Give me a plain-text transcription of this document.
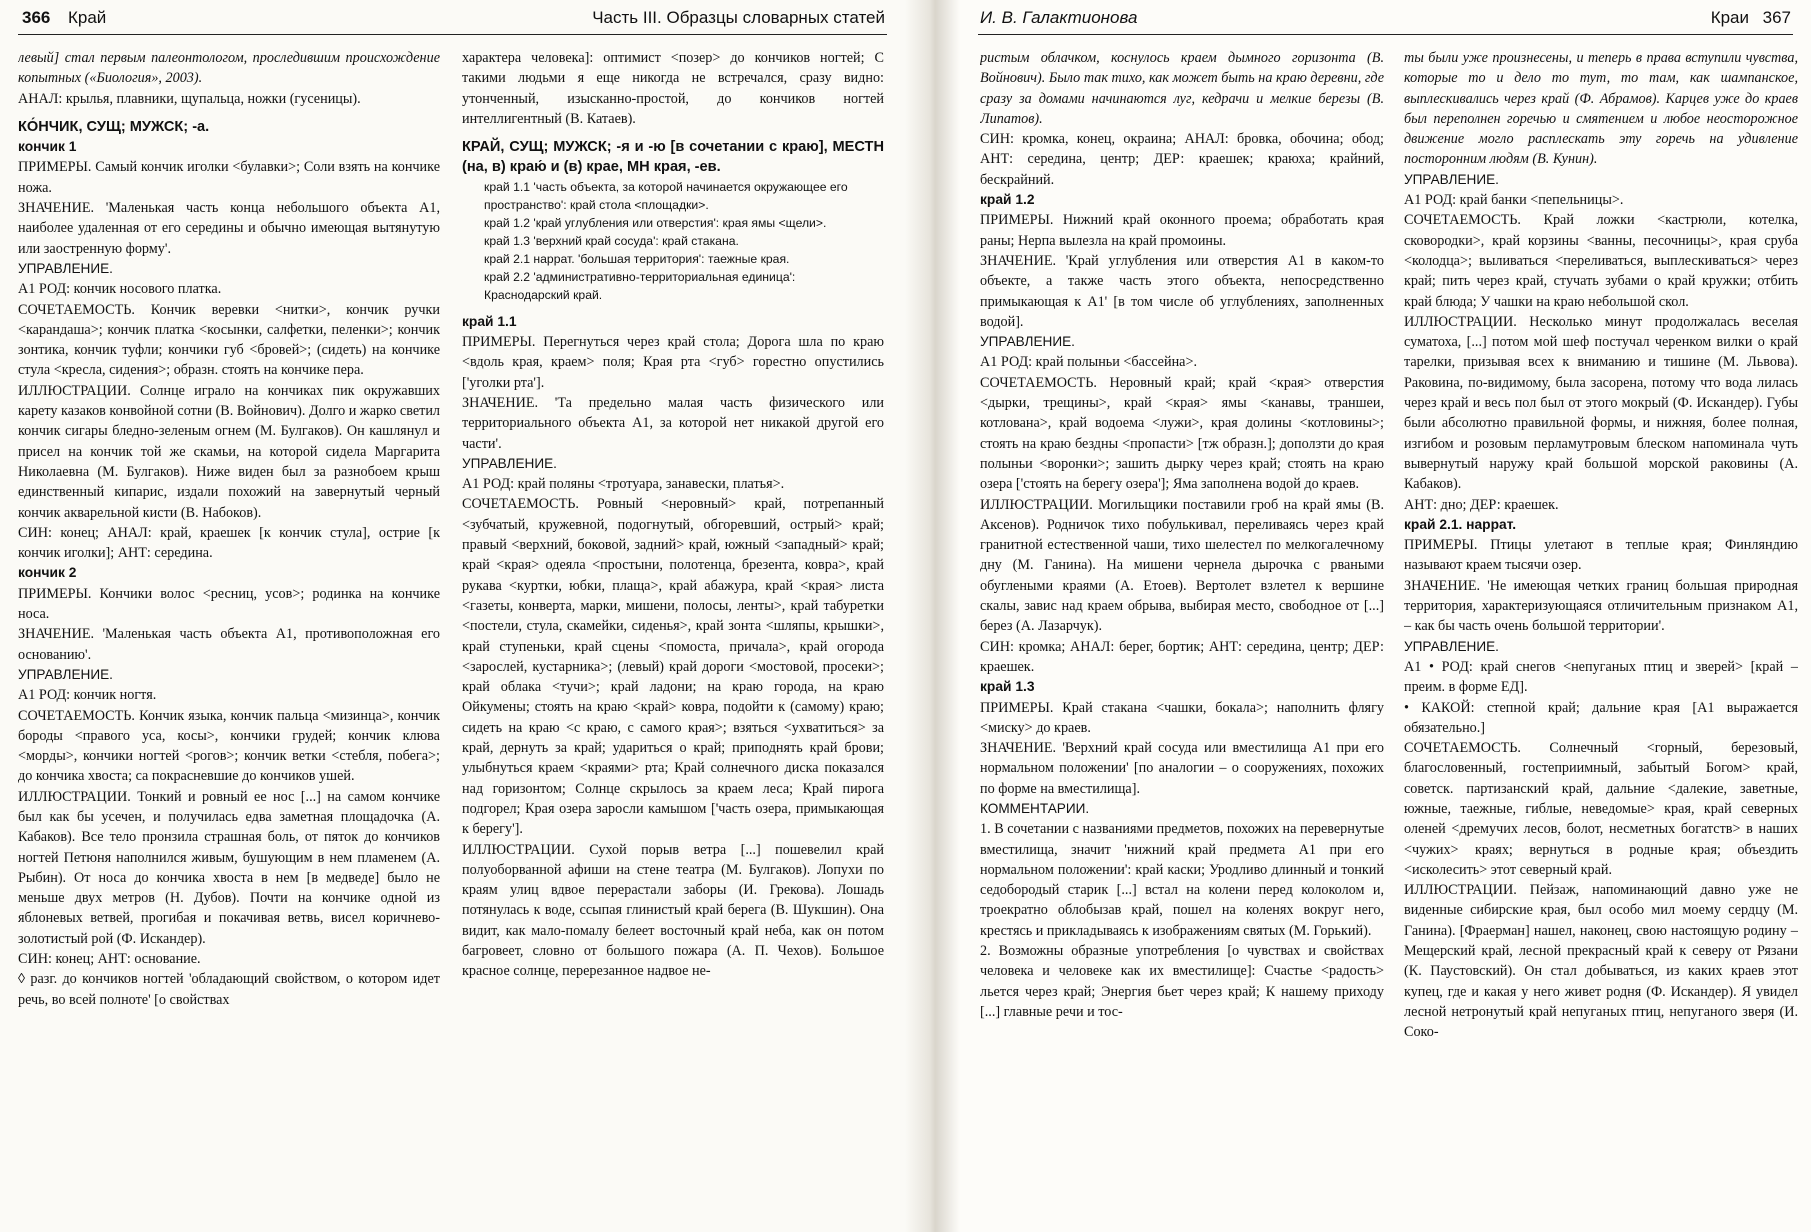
366 Край	Часть III. Образцы словарных статей

левый] стал первым палеонтологом, проследившим происхождение копытных («Биология», 2003).

АНАЛ: крылья, плавники, щупальца, ножки (гусеницы).

КО́НЧИК, СУЩ; МУЖСК; -а.

кончик 1

ПРИМЕРЫ. Самый кончик иголки <булавки>; Соли взять на кончике ножа.

ЗНАЧЕНИЕ. 'Маленькая часть конца небольшого объекта А1, наиболее удаленная от его середины и обычно имеющая вытянутую или заостренную форму'.

УПРАВЛЕНИЕ.

А1 РОД: кончик носового платка.

СОЧЕТАЕМОСТЬ. Кончик веревки <нитки>, кончик ручки <карандаша>; кончик платка <косынки, салфетки, пеленки>; кончик зонтика, кончик туфли; кончики губ <бровей>; (сидеть) на кончике стула <кресла, сидения>; образн. стоять на кончике пера.

ИЛЛЮСТРАЦИИ. Солнце играло на кончиках пик окружавших карету казаков конвойной сотни (В. Войнович). Долго и жарко светил кончик сигары бледно-зеленым огнем (М. Булгаков). Он кашлянул и присел на кончик той же скамьи, на которой сидела Маргарита Николаевна (М. Булгаков). Ниже виден был за разнобоем крыш единственный кипарис, издали похожий на завернутый черный кончик акварельной кисти (В. Набоков).

СИН: конец; АНАЛ: край, краешек [к кончик стула], острие [к кончик иголки]; АНТ: середина.

кончик 2

ПРИМЕРЫ. Кончики волос <ресниц, усов>; родинка на кончике носа.

ЗНАЧЕНИЕ. 'Маленькая часть объекта А1, противоположная его основанию'.

УПРАВЛЕНИЕ.

А1 РОД: кончик ногтя.

СОЧЕТАЕМОСТЬ. Кончик языка, кончик пальца <мизинца>, кончик бороды <правого уса, косы>, кончики грудей; кончик клюва <морды>, кончики ногтей <рогов>; кончик ветки <стебля, побега>; до кончика хвоста; са покрасневшие до кончиков ушей.

ИЛЛЮСТРАЦИИ. Тонкий и ровный ее нос [...] на самом кончике был как бы усечен, и получилась едва заметная площадочка (А. Кабаков). Все тело пронзила страшная боль, от пяток до кончиков ногтей Петюня наполнился живым, бушующим в нем пламенем (А. Рыбин). От носа до кончика хвоста в нем [в медведе] было не меньше двух метров (Н. Дубов). Почти на кончике одной из яблоневых ветвей, прогибая и покачивая ветвь, висел коричнево-золотистый рой (Ф. Искандер).

СИН: конец; АНТ: основание.

◊ разг. до кончиков ногтей 'обладающий свойством, о котором идет речь, во всей полноте' [о свойствах

характера человека]: оптимист <позер> до кончиков ногтей; С такими людьми я еще никогда не встречался, сразу видно: утонченный, изысканно-простой, до кончиков ногтей интеллигентный (В. Катаев).

КРАЙ, СУЩ; МУЖСК; -я и -ю [в сочетании с краю], МЕСТН (на, в) краю́ и (в) крае, МН края, -ев.

край 1.1 'часть объекта, за которой начинается окружающее его пространство': край стола <площадки>.

край 1.2 'край углубления или отверстия': края ямы <щели>.

край 1.3 'верхний край сосуда': край стакана.

край 2.1 наррат. 'большая территория': таежные края.

край 2.2 'административно-территориальная единица': Краснодарский край.

край 1.1

ПРИМЕРЫ. Перегнуться через край стола; Дорога шла по краю <вдоль края, краем> поля; Края рта <губ> горестно опустились ['уголки рта'].

ЗНАЧЕНИЕ. 'Та предельно малая часть физического или территориального объекта А1, за которой нет никакой другой его части'.

УПРАВЛЕНИЕ.

А1 РОД: край поляны <тротуара, занавески, платья>.

СОЧЕТАЕМОСТЬ. Ровный <неровный> край, потрепанный <зубчатый, кружевной, подогнутый, обгоревший, острый> край; правый <верхний, боковой, задний> край, южный <западный> край; край <края> одеяла <простыни, полотенца, брезента, ковра>, край рукава <куртки, юбки, плаща>, край абажура, край <края> листа <газеты, конверта, марки, мишени, полосы, ленты>, край табуретки <постели, стула, скамейки, сиденья>, край зонта <шляпы, крышки>, край ступеньки, край сцены <помоста, причала>, край огорода <зарослей, кустарника>; (левый) край дороги <мостовой, просеки>; край облака <тучи>; край ладони; на краю города, на краю Ойкумены; стоять на краю <край> ковра, подойти к (самому) краю; сидеть на краю <с краю, с самого края>; взяться <ухватиться> за край, дернуть за край; удариться о край; приподнять край брови; улыбнуться краем <краями> рта; Край солнечного диска показался над горизонтом; Солнце скрылось за краем леса; Край пирога подгорел; Края озера заросли камышом ['часть озера, примыкающая к берегу'].

ИЛЛЮСТРАЦИИ. Сухой порыв ветра [...] пошевелил край полуоборванной афиши на стене театра (М. Булгаков). Лопухи по краям улиц вдвое перерастали заборы (И. Грекова). Лошадь потянулась к воде, ссыпая глинистый край берега (В. Шукшин). Она видит, как мало-помалу белеет восточный край неба, как он потом багровеет, словно от большого пожара (А. П. Чехов). Большое красное солнце, перерезанное надвое не-

И. В. Галактионова	Краи 367

ристым облачком, коснулось краем дымного горизонта (В. Войнович). Было так тихо, как может быть на краю деревни, где сразу за домами начинаются луг, кедрачи и мелкие березы (В. Липатов).

СИН: кромка, конец, окраина; АНАЛ: бровка, обочина; обод; АНТ: середина, центр; ДЕР: краешек; краюха; крайний, бескрайний.

край 1.2

ПРИМЕРЫ. Нижний край оконного проема; обработать края раны; Нерпа вылезла на край промоины.

ЗНАЧЕНИЕ. 'Край углубления или отверстия А1 в каком-то объекте, а также часть этого объекта, непосредственно примыкающая к А1' [в том числе об углублениях, заполненных водой].

УПРАВЛЕНИЕ.

А1 РОД: край полыньи <бассейна>.

СОЧЕТАЕМОСТЬ. Неровный край; край <края> отверстия <дырки, трещины>, край <края> ямы <канавы, траншеи, котлована>, край водоема <лужи>, края долины <котловины>; стоять на краю бездны <пропасти> [тж образн.]; доползти до края полыньи <воронки>; зашить дырку через край; стоять на краю озера ['стоять на берегу озера']; Яма заполнена водой до краев.

ИЛЛЮСТРАЦИИ. Могильщики поставили гроб на край ямы (В. Аксенов). Родничок тихо побулькивал, переливаясь через край гранитной естественной чаши, тихо шелестел по мелкогалечному дну (М. Ганина). На мишени чернела дырочка с рваными обуглеными краями (А. Етоев). Вертолет взлетел к вершине скалы, завис над краем обрыва, выбирая место, свободное от [...] берез (А. Лазарчук).

СИН: кромка; АНАЛ: берег, бортик; АНТ: середина, центр; ДЕР: краешек.

край 1.3

ПРИМЕРЫ. Край стакана <чашки, бокала>; наполнить флягу <миску> до краев.

ЗНАЧЕНИЕ. 'Верхний край сосуда или вместилища А1 при его нормальном положении' [по аналогии – о сооружениях, похожих по форме на вместилища].

КОММЕНТАРИИ.

1. В сочетании с названиями предметов, похожих на перевернутые вместилища, значит 'нижний край предмета А1 при его нормальном положении': край каски; Уродливо длинный и тонкий седобородый старик [...] встал на колени перед колоколом и, троекратно облобызав край, пошел на коленях вокруг него, крестясь и прикладываясь к изображениям святых (М. Горький).

2. Возможны образные употребления [о чувствах и свойствах человека и человеке как их вместилище]: Счастье <радость> льется через край; Энергия бьет через край; К нашему приходу [...] главные речи и тос-

ты были уже произнесены, и теперь в права вступили чувства, которые то и дело то тут, то там, как шампанское, выплескивались через край (Ф. Абрамов). Карцев уже до краев был переполнен горечью и смятением и любое неосторожное движение могло расплескать эту горечь на удивление посторонним людям (В. Кунин).

УПРАВЛЕНИЕ.

А1 РОД: край банки <пепельницы>.

СОЧЕТАЕМОСТЬ. Край ложки <кастрюли, котелка, сковородки>, край корзины <ванны, песочницы>, края сруба <колодца>; выливаться <переливаться, выплескиваться> через край; пить через край, стучать зубами о край кружки; отбить край блюда; У чашки на краю небольшой скол.

ИЛЛЮСТРАЦИИ. Несколько минут продолжалась веселая суматоха, [...] потом мой шеф постучал черенком вилки о край тарелки, призывая всех к вниманию и тишине (М. Львова). Раковина, по-видимому, была засорена, потому что вода лилась через край и весь пол был от этого мокрый (Ф. Искандер). Губы были абсолютно правильной формы, и нижняя, более полная, изгибом и розовым перламутровым блеском напоминала чуть вывернутый наружу край большой морской раковины (А. Кабаков).

АНТ: дно; ДЕР: краешек.

край 2.1. наррат.

ПРИМЕРЫ. Птицы улетают в теплые края; Финляндию называют краем тысячи озер.

ЗНАЧЕНИЕ. 'Не имеющая четких границ большая природная территория, характеризующаяся отличительным признаком А1, – как бы часть очень большой территории'.

УПРАВЛЕНИЕ.

А1 • РОД: край снегов <непуганых птиц и зверей> [край – преим. в форме ЕД].

• КАКОЙ: степной край; дальние края [А1 выражается обязательно.]

СОЧЕТАЕМОСТЬ. Солнечный <горный, березовый, благословенный, гостеприимный, забытый Богом> край, советск. партизанский край, дальние <далекие, заветные, южные, таежные, гиблые, неведомые> края, край северных оленей <дремучих лесов, болот, несметных богатств> в наших <чужих> краях; вернуться в родные края; объездить <исколесить> этот северный край.

ИЛЛЮСТРАЦИИ. Пейзаж, напоминающий давно уже не виденные сибирские края, был особо мил моему сердцу (М. Ганина). [Фраерман] нашел, наконец, свою настоящую родину – Мещерский край, лесной прекрасный край к северу от Рязани (К. Паустовский). Он стал добываться, из каких краев этот купец, где и какая у него живет родня (Ф. Искандер). Я увидел лесной нетронутый край непуганых птиц, непуганого зверя (И. Соко-
